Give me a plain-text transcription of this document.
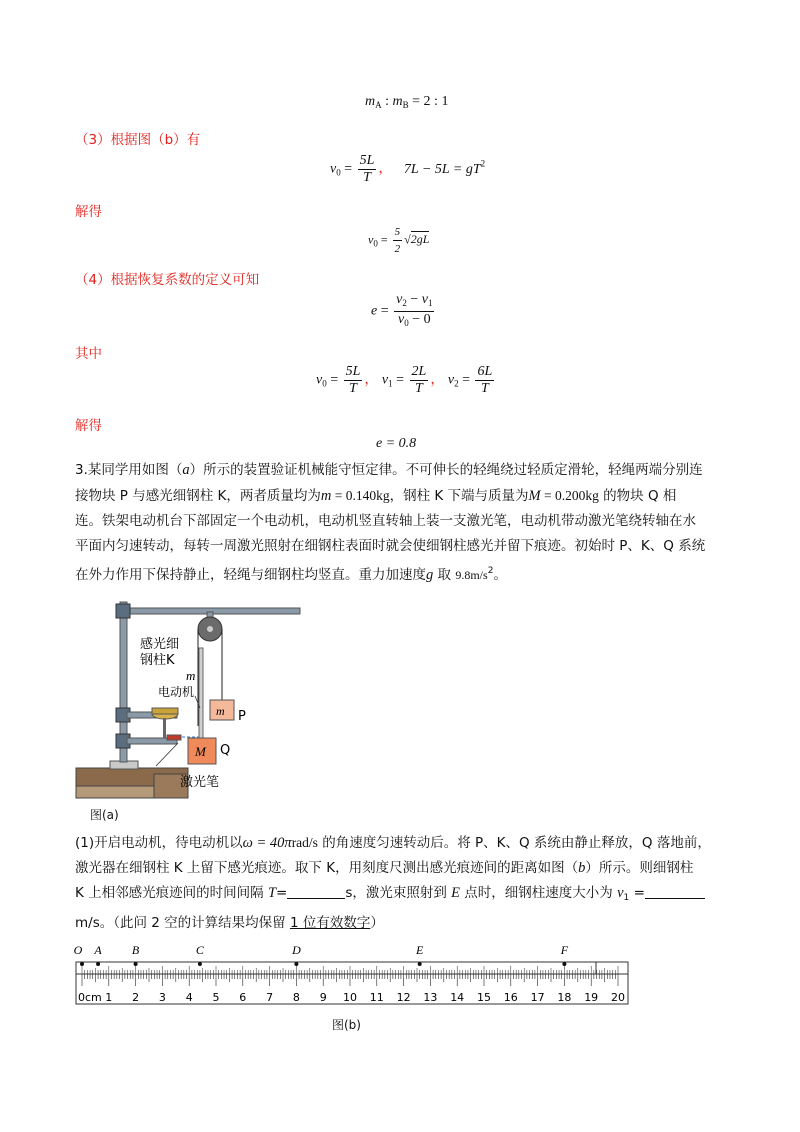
$m_A$ : $m_B = 2$ : 1
（3）根据图（b）有
$v_0 = \frac{5L}{T}$ ， $7L - 5L = gT^2$
解得
$v_0 = \frac{5}{2} √2gL$
（4）根据恢复系数的定义可知
$e = \frac{v_2 - v_1}{v_0 - 0}$
其中
$v_0 = \frac{5L}{T}$ ， $v_1 = \frac{2L}{T}$ ， $v_2 = \frac{6L}{T}$
解得
e = 0.8
3.某同学用如图（a）所示的装置验证机械能守恒定律。不可伸长的轻绳绕过轻质定滑轮，轻绳两端分别连
接物块 P 与感光细钢柱 K，两者质量均为m = 0.140kg，钢柱 K 下端与质量为M = 0.200kg 的物块 Q 相
连。铁架电动机台下部固定一个电动机，电动机竖直转轴上装一支激光笔，电动机带动激光笔绕转轴在水
平面内匀速转动，每转一周激光照射在细钢柱表面时就会使细钢柱感光并留下痕迹。初始时 P、K、Q 系统
在外力作用下保持静止，轻绳与细钢柱均竖直。重力加速度g 取 $9.8m/s^2$。
感光细
钢柱K
m
电动机
m P
M Q
激光笔
图(a)
(1)开启电动机，待电动机以ω = 40πrad/s 的角速度匀速转动后。将 P、K、Q 系统由静止释放，Q 落地前，
激光器在细钢柱 K 上留下感光痕迹。取下 K，用刻度尺测出感光痕迹间的距离如图（b）所示。则细钢柱
K 上相邻感光痕迹间的时间间隔 T=	s，激光束照射到 E 点时，细钢柱速度大小为 $v_1$ =
m/s。（此问 2 空的计算结果均保留 1 位有效数字）
0cm 1 2 3 4 5 6 7 8 9 10 11 12 13 14 15 16 17 18 19 20
O A	B	C	D	E	F
图(b)
